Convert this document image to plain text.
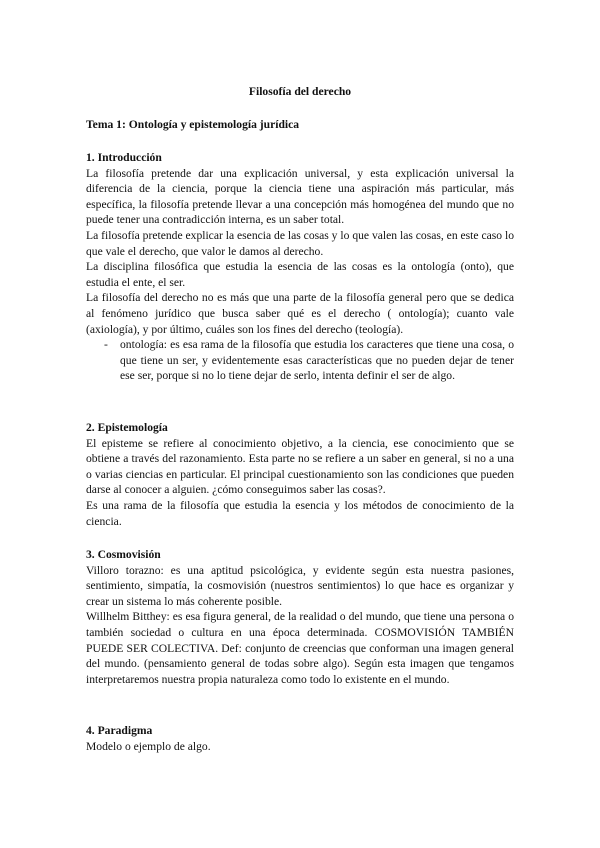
Filosofía del derecho

Tema 1: Ontología y epistemología jurídica

1. Introducción

La filosofía pretende dar una explicación universal, y esta explicación universal la diferencia de la ciencia, porque la ciencia tiene una aspiración más particular, más específica, la filosofía pretende llevar a una concepción más homogénea del mundo que no puede tener una contradicción interna, es un saber total.

La filosofía pretende explicar la esencia de las cosas y lo que valen las cosas, en este caso lo que vale el derecho, que valor le damos al derecho.

La disciplina filosófica que estudia la esencia de las cosas es la ontología (onto), que estudia el ente, el ser.

La filosofía del derecho no es más que una parte de la filosofía general pero que se dedica al fenómeno jurídico que busca saber qué es el derecho ( ontología); cuanto vale (axiología), y por último, cuáles son los fines del derecho (teología).

- ontología: es esa rama de la filosofía que estudia los caracteres que tiene una cosa, o que tiene un ser, y evidentemente esas características que no pueden dejar de tener ese ser, porque si no lo tiene dejar de serlo, intenta definir el ser de algo.

2. Epistemología

El episteme se refiere al conocimiento objetivo, a la ciencia, ese conocimiento que se obtiene a través del razonamiento. Esta parte no se refiere a un saber en general, si no a una o varias ciencias en particular. El principal cuestionamiento son las condiciones que pueden darse al conocer a alguien. ¿cómo conseguimos saber las cosas?.

Es una rama de la filosofía que estudia la esencia y los métodos de conocimiento de la ciencia.

3. Cosmovisión

Villoro torazno: es una aptitud psicológica, y evidente según esta nuestra pasiones, sentimiento, simpatía, la cosmovisión (nuestros sentimientos) lo que hace es organizar y crear un sistema lo más coherente posible.

Willhelm Bitthey: es esa figura general, de la realidad o del mundo, que tiene una persona o también sociedad o cultura en una época determinada. COSMOVISIÓN TAMBIÉN PUEDE SER COLECTIVA. Def: conjunto de creencias que conforman una imagen general del mundo. (pensamiento general de todas sobre algo). Según esta imagen que tengamos interpretaremos nuestra propia naturaleza como todo lo existente en el mundo.

4. Paradigma

Modelo o ejemplo de algo.
